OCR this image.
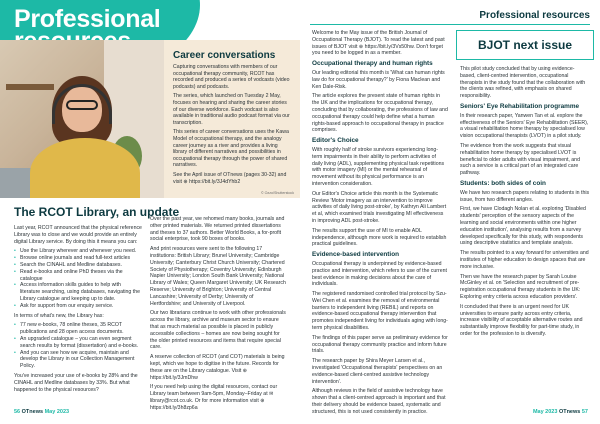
Professional
Career conversations

Capturing conversations with members of our occupational therapy community, RCOT has recorded and produced a series of vodcasts (video podcasts) and podcasts.

The series, which launched on Tuesday 2 May, focuses on hearing and sharing the career stories of our diverse workforce. Each vodcast is also available in traditional audio podcast format via our transcription.

This series of career conversations uses the Kawa Model of occupational therapy, and the analogy career journey as a river and provides a living library of different narratives and possibilities in occupational therapy through the power of shared narratives.

See the April issue of OTnews (pages 30-32) and visit ⊕ https://bit.ly/3J4dYhb2

© Ozzo/Shutterstock
The RCOT Library, an update

Last year, RCOT announced that the physical reference Library was to close and we would provide an entirely digital Library service. By doing this it means you can:

• Use the Library wherever and whenever you need.
• Browse online journals and read full-text articles
• Search the CINAHL and Medline databases.
• Read e-books and online PhD theses via the catalogue
• Access information skills guides to help with literature searching, using databases, navigating the Library catalogue and keeping up to date.
• Ask for support from our enquiry service.

In terms of what's new, the Library has:

• 77 new e-books, 78 online theses, 35 RCOT publications and 28 open access documents.
• An upgraded catalogue – you can even segment search results by format (dissertation) and e-books.
• And you can see how we acquire, maintain and develop the Library in our Collection Management Policy.

You've increased your use of e-books by 28% and the CINAHL and Medline databases by 33%. But what happened to the physical resources?

Over the past year, we rehomed many books, journals and other printed materials. We returned printed dissertations and theses to 37 authors. Better World Books, a for-profit social enterprise, took 90 boxes of books.

And print resources were sent to the following 17 institutions: British Library; Brunel University; Cambridge University; Canterbury Christ Church University; Chartered Society of Physiotherapy; Coventry University; Edinburgh Napier University; London South Bank University; National Library of Wales; Queen Margaret University; UK Research Reserve; University of Brighton; University of Central Lancashire; University of Derby; University of Hertfordshire; and University of Liverpool.

Our two librarians continue to work with other professionals across the library, archive and museum sector to ensure that as much material as possible is placed in publicly accessible collections – homes are now being sought for the older printed resources and items that require special care.

A reserve collection of RCOT (and COT) materials is being kept, which we hope to digitise in the future. Records for these are on the Library catalogue. Visit ⊕ https://bit.ly/3JmDhw

If you need help using the digital resources, contact our Library team between 9am-5pm, Monday–Friday at ✉ library@rcot.co.uk. Or for more information visit ⊕ https://bit.ly/3h8zp6a

56 OTnews May 2023
Professional resources

Welcome to the May issue of the British Journal of Occupational Therapy (BJOT). To read the latest and past issues of BJOT visit ⊕ https://bit.ly/3Vs50hw. Don't forget you need to be logged in as a member.

Occupational therapy and human rights

Our leading editorial this month is 'What can human rights law do for occupational therapy?' by Fiona Maclean and Ken Dale-Risk.

The article explores the present state of human rights in the UK and the implications for occupational therapy, concluding that by collaborating, the professions of law and occupational therapy could help define what a human rights-based approach to occupational therapy in practice comprises.

Editor's Choice

With roughly half of stroke survivors experiencing long-term impairments in their ability to perform activities of daily living (ADL), supplementing physical task repetitions with motor imagery (MI) or the mental rehearsal of movement without its physical performance is an intervention consideration.

Our Editor's Choice article this month is the Systematic Review 'Motor imagery as an intervention to improve activities of daily living post-stroke', by Kathryn Ali Lambert et al, which examined trials investigating MI effectiveness in improving ADL post-stroke.

The results support the use of MI to enable ADL independence, although more work is required to establish practical guidelines.

Evidence-based intervention

Occupational therapy is underpinned by evidence-based practice and intervention, which refers to use of the current best evidence in making decisions about the care of individuals.

The registered randomised controlled trial protocol by Szu-Wei Chen et al. examines the removal of environmental barriers to independent living (REBIL) and reports on evidence-based occupational therapy intervention that promotes independent living for individuals aging with long-term physical disabilities.

The findings of this paper serve as preliminary evidence for occupational therapy community practice and inform future trials.

The research paper by Shira Meyer Larsen et al., investigated 'Occupational therapists' perspectives on an evidence-based client-centred assistive technology intervention'.

Although reviews in the field of assistive technology have shown that a client-centred approach is important and that their delivery should be evidence based, systematic and structured, this is not used consistently in practice.

BJOT next issue

This pilot study concluded that by using evidence-based, client-centred intervention, occupational therapists in the study found that the collaboration with the clients was refined, with emphasis on shared responsibility.

Seniors' Eye Rehabilitation programme

In their research paper, Yanwen Tan et al. explore the effectiveness of the Seniors' Eye Rehabilitation (SEER), a visual rehabilitation home therapy by specialised low vision occupational therapists (LVOT) in a pilot study.

The evidence from the work suggests that visual rehabilitation home therapy by specialised LVOT is beneficial to older adults with visual impairment, and such a service is a critical part of an integrated care pathway.

Students: both sides of coin

We have two research papers relating to students in this issue, from two different angles.

First, we have Clodagh Nolan et al. exploring 'Disabled students' perception of the sensory aspects of the learning and social environments within one higher education institution', analysing results from a survey developed specifically for this study, with respondents using descriptive statistics and template analysis.

The results pointed to a way forward for universities and institutes of higher education to design spaces that are more inclusive.

Then we have the research paper by Sarah Louise McGinley et al. on 'Selection and recruitment of pre-registration occupational therapy students in the UK: Exploring entry criteria across education providers'.

It concluded that there is an urgent need for UK universities to ensure parity across entry criteria, increase visibility of acceptable alternative routes and substantially improve flexibility for part-time study, in order for the profession to is diversify.

May 2023 OTnews 57
